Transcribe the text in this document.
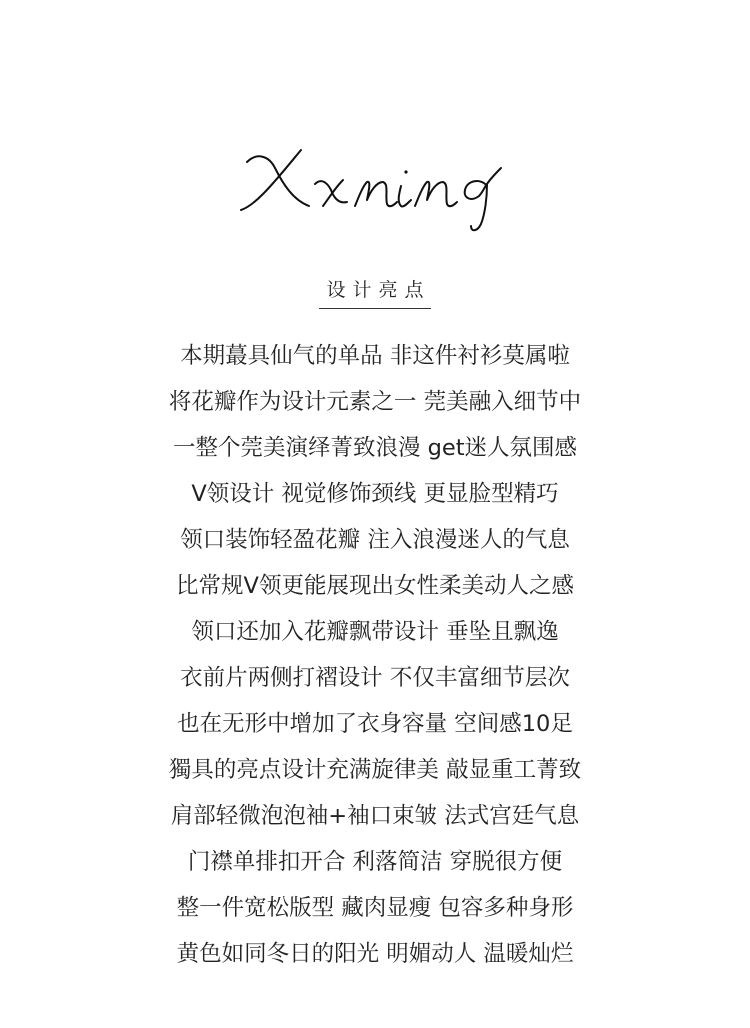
设计亮点
本期蕞具仙气的单品 非这件衬衫莫属啦
将花瓣作为设计元素之一 莞美融入细节中
一整个莞美演绎菁致浪漫 get迷人氛围感
V领设计 视觉修饰颈线 更显脸型精巧
领口装饰轻盈花瓣 注入浪漫迷人的气息
比常规V领更能展现出女性柔美动人之感
领口还加入花瓣飘带设计 垂坠且飘逸
衣前片两侧打褶设计 不仅丰富细节层次
也在无形中增加了衣身容量 空间感10足
獨具的亮点设计充满旋律美 敲显重工菁致
肩部轻微泡泡袖+袖口束皱 法式宫廷气息
门襟单排扣开合 利落简洁 穿脱很方便
整一件宽松版型 藏肉显瘦 包容多种身形
黄色如同冬日的阳光 明媚动人 温暖灿烂
